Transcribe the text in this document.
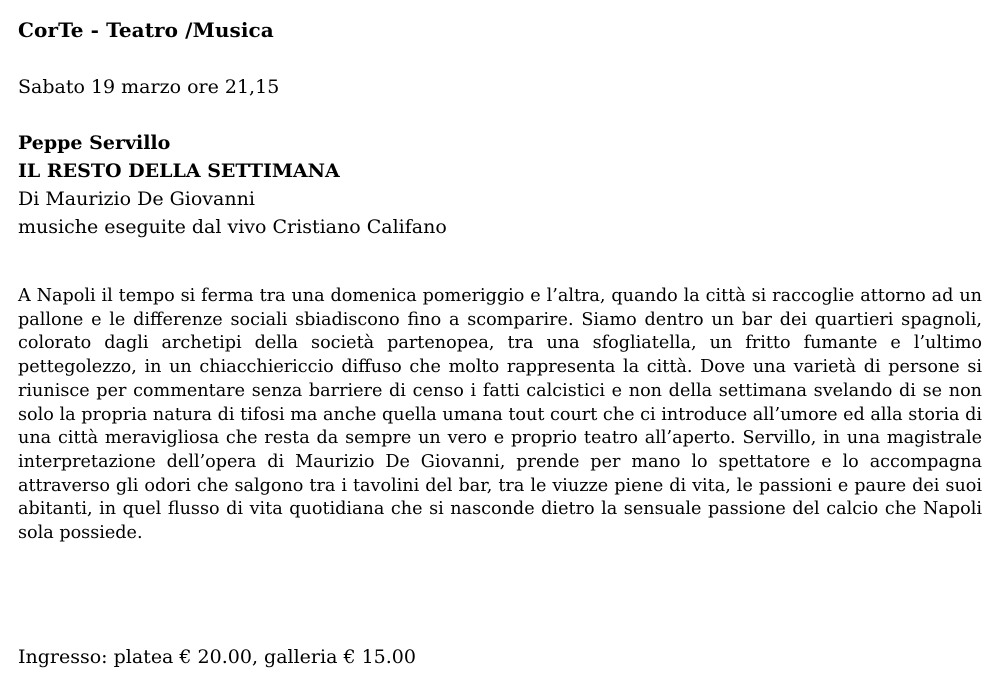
CorTe - Teatro /Musica
Sabato 19 marzo ore 21,15
Peppe Servillo
IL RESTO DELLA SETTIMANA
Di Maurizio De Giovanni
musiche eseguite dal vivo Cristiano Califano
A Napoli il tempo si ferma tra una domenica pomeriggio e l’altra, quando la città si raccoglie attorno ad un pallone e le differenze sociali sbiadiscono fino a scomparire. Siamo dentro un bar dei quartieri spagnoli, colorato dagli archetipi della società partenopea, tra una sfogliatella, un fritto fumante e l’ultimo pettegolezzo, in un chiacchiericcio diffuso che molto rappresenta la città. Dove una varietà di persone si riunisce per commentare senza barriere di censo i fatti calcistici e non della settimana svelando di se non solo la propria natura di tifosi ma anche quella umana tout court che ci introduce all’umore ed alla storia di una città meravigliosa che resta da sempre un vero e proprio teatro all’aperto. Servillo, in una magistrale interpretazione dell’opera di Maurizio De Giovanni, prende per mano lo spettatore e lo accompagna attraverso gli odori che salgono tra i tavolini del bar, tra le viuzze piene di vita, le passioni e paure dei suoi abitanti, in quel flusso di vita quotidiana che si nasconde dietro la sensuale passione del calcio che Napoli sola possiede.
Ingresso: platea € 20.00, galleria € 15.00
